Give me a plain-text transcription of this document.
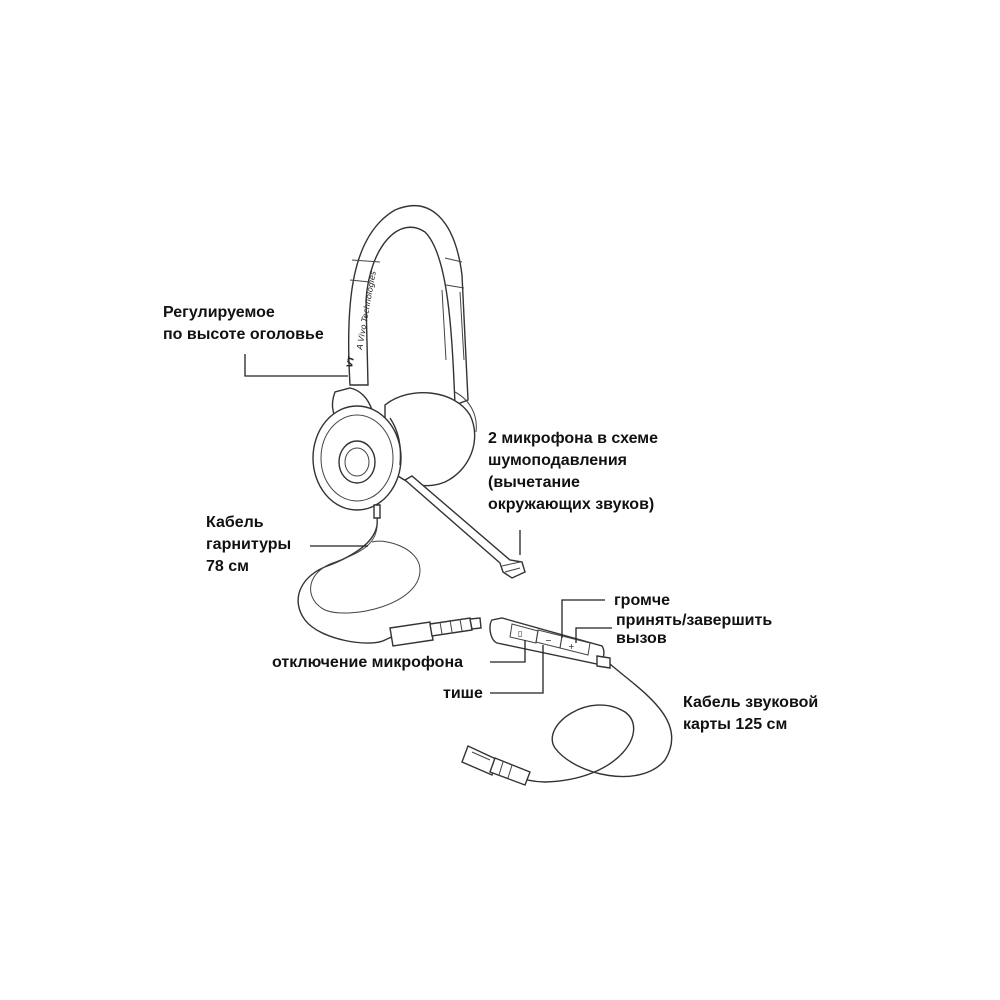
VT
A Vivo Technologies
▯
−
+
Регулируемое
по высоте оголовье
2 микрофона в схеме
шумоподавления
(вычетание
окружающих звуков)
Кабель
гарнитуры
78 см
громче
принять/завершить
вызов
отключение микрофона
тише
Кабель звуковой
карты 125 см
